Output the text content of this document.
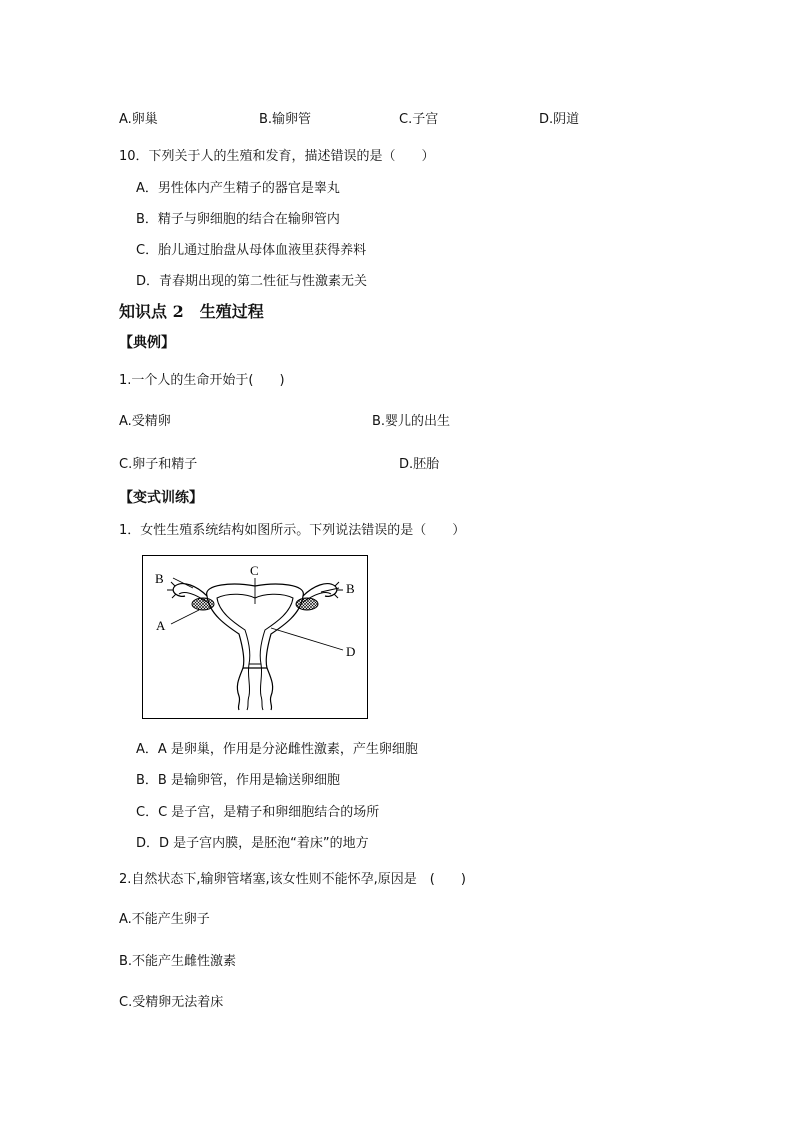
A.卵巢	B.输卵管	C.子宫	D.阴道
10．下列关于人的生殖和发育，描述错误的是（　　）
A．男性体内产生精子的器官是睾丸
B．精子与卵细胞的结合在输卵管内
C．胎儿通过胎盘从母体血液里获得养料
D．青春期出现的第二性征与性激素无关
知识点 2　生殖过程
【典例】
1.一个人的生命开始于(　　)
A.受精卵	B.婴儿的出生
C.卵子和精子	D.胚胎
【变式训练】
1．女性生殖系统结构如图所示。下列说法错误的是（　　）
B
B
C
A
D
A．A 是卵巢，作用是分泌雌性激素，产生卵细胞
B．B 是输卵管，作用是输送卵细胞
C．C 是子宫，是精子和卵细胞结合的场所
D．D 是子宫内膜，是胚泡“着床”的地方
2.自然状态下,输卵管堵塞,该女性则不能怀孕,原因是　(　　)
A.不能产生卵子
B.不能产生雌性激素
C.受精卵无法着床
